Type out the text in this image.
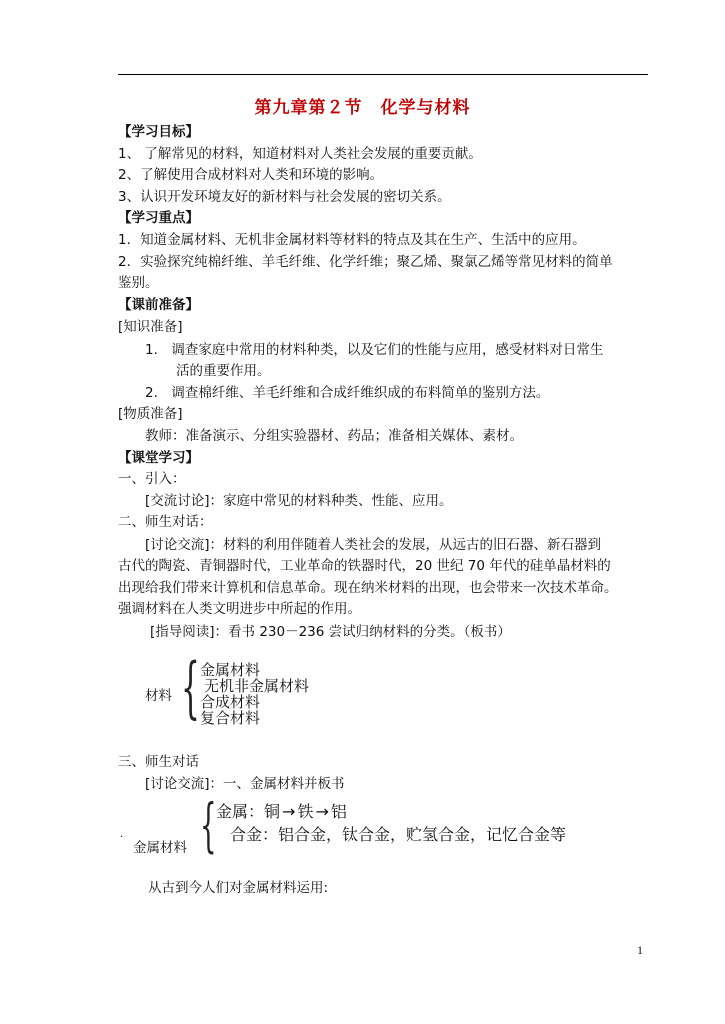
第九章第２节　化学与材料
【学习目标】
1、 了解常见的材料，知道材料对人类社会发展的重要贡献。
2、了解使用合成材料对人类和环境的影响。
3、认识开发环境友好的新材料与社会发展的密切关系。
【学习重点】
1．知道金属材料、无机非金属材料等材料的特点及其在生产、生活中的应用。
2．实验探究纯棉纤维、羊毛纤维、化学纤维；聚乙烯、聚氯乙烯等常见材料的简单
鉴别。
【课前准备】
[知识准备]
1.　调查家庭中常用的材料种类，以及它们的性能与应用，感受材料对日常生
活的重要作用。
2.　调查棉纤维、羊毛纤维和合成纤维织成的布料简单的鉴别方法。
[物质准备]
教师：准备演示、分组实验器材、药品；准备相关媒体、素材。
【课堂学习】
一、引入：
[交流讨论]：家庭中常见的材料种类、性能、应用。
二、师生对话：
[讨论交流]：材料的利用伴随着人类社会的发展，从远古的旧石器、新石器到
古代的陶瓷、青铜器时代，工业革命的铁器时代，20 世纪 70 年代的硅单晶材料的
出现给我们带来计算机和信息革命。现在纳米材料的出现，也会带来一次技术革命。
强调材料在人类文明进步中所起的作用。
[指导阅读]：看书 230－236 尝试归纳材料的分类。（板书）
材料 { 金属材料
无机非金属材料
合成材料
复合材料
三、师生对话
[讨论交流]：一、金属材料并板书
.
金属材料 { 金属：铜 → 铁 → 铝
合金：铝合金，钛合金，贮氢合金，记忆合金等
从古到今人们对金属材料运用:
1
